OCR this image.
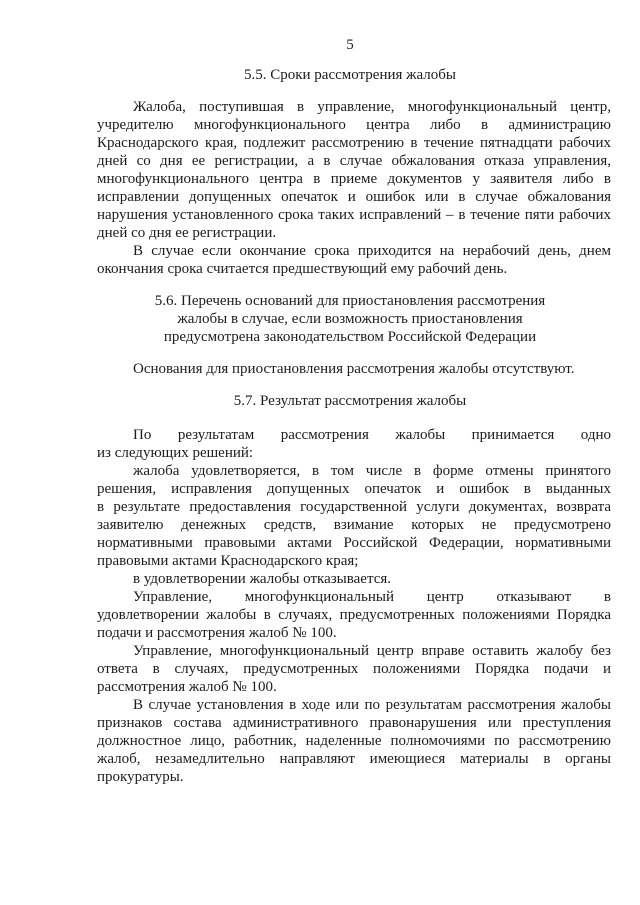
5
5.5. Сроки рассмотрения жалобы
Жалоба, поступившая в управление, многофункциональный центр,
учредителю многофункционального центра либо в администрацию
Краснодарского края, подлежит рассмотрению в течение пятнадцати рабочих
дней со дня ее регистрации, а в случае обжалования отказа управления,
многофункционального центра в приеме документов у заявителя либо в
исправлении допущенных опечаток и ошибок или в случае обжалования
нарушения установленного срока таких исправлений – в течение пяти рабочих
дней со дня ее регистрации.
В случае если окончание срока приходится на нерабочий день, днем
окончания срока считается предшествующий ему рабочий день.
5.6. Перечень оснований для приостановления рассмотрения
жалобы в случае, если возможность приостановления
предусмотрена законодательством Российской Федерации
Основания для приостановления рассмотрения жалобы отсутствуют.
5.7. Результат рассмотрения жалобы
По результатам рассмотрения жалобы принимается одно
из следующих решений:
жалоба удовлетворяется, в том числе в форме отмены принятого
решения, исправления допущенных опечаток и ошибок в выданных
в результате предоставления государственной услуги документах, возврата
заявителю денежных средств, взимание которых не предусмотрено
нормативными правовыми актами Российской Федерации, нормативными
правовыми актами Краснодарского края;
в удовлетворении жалобы отказывается.
Управление, многофункциональный центр отказывают в
удовлетворении жалобы в случаях, предусмотренных положениями Порядка
подачи и рассмотрения жалоб № 100.
Управление, многофункциональный центр вправе оставить жалобу без
ответа в случаях, предусмотренных положениями Порядка подачи и
рассмотрения жалоб № 100.
В случае установления в ходе или по результатам рассмотрения жалобы
признаков состава административного правонарушения или преступления
должностное лицо, работник, наделенные полномочиями по рассмотрению
жалоб, незамедлительно направляют имеющиеся материалы в органы
прокуратуры.
